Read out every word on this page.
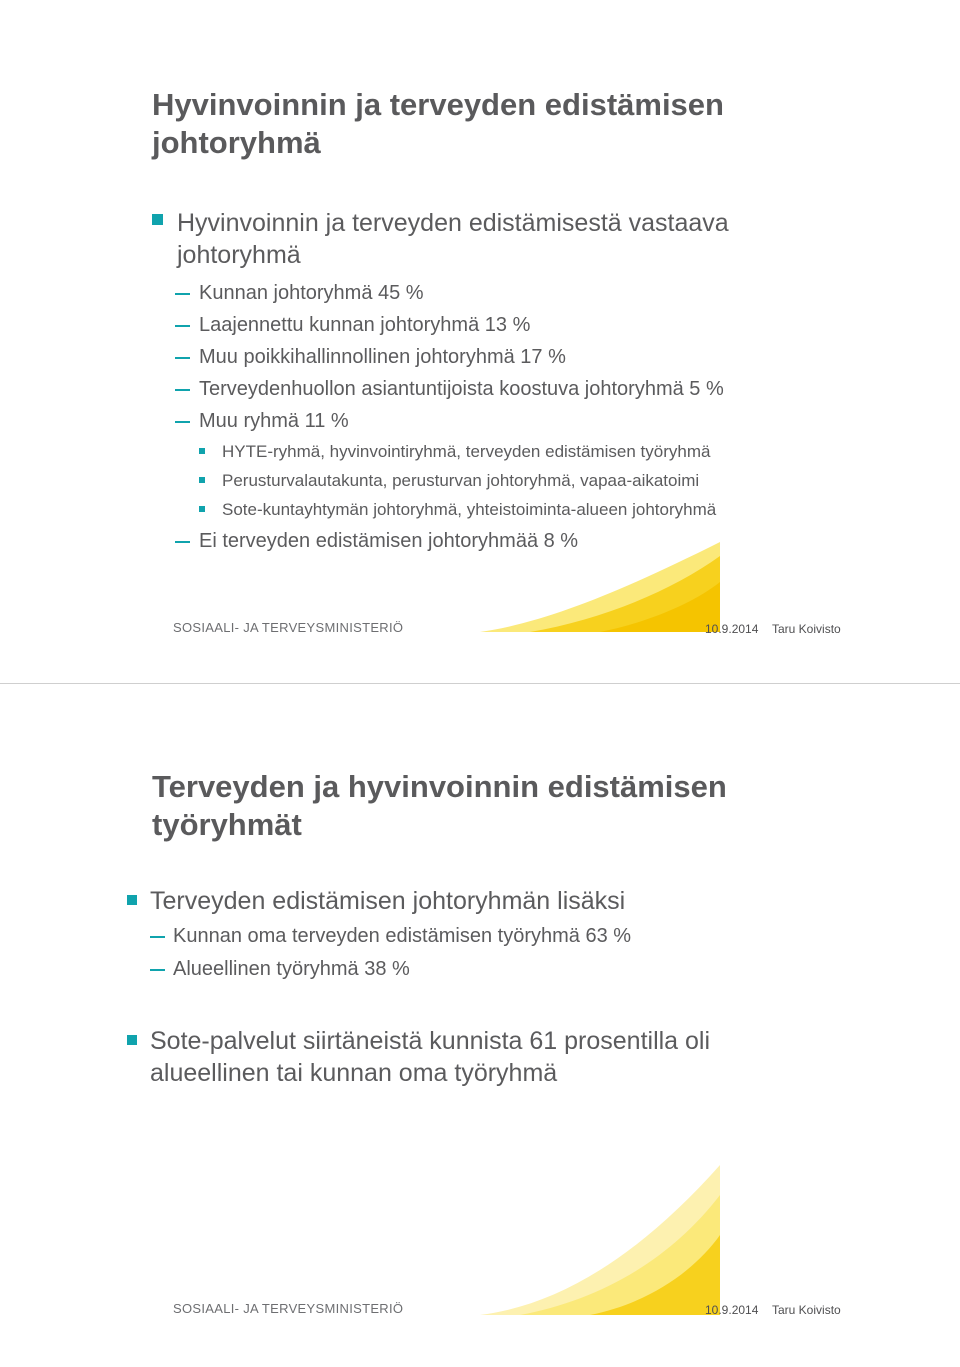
Hyvinvoinnin ja terveyden edistämisen
johtoryhmä
Hyvinvoinnin ja terveyden edistämisestä vastaava
johtoryhmä
Kunnan johtoryhmä 45 %
Laajennettu kunnan johtoryhmä 13 %
Muu poikkihallinnollinen johtoryhmä 17 %
Terveydenhuollon asiantuntijoista koostuva johtoryhmä 5 %
Muu ryhmä 11 %
HYTE-ryhmä, hyvinvointiryhmä, terveyden edistämisen työryhmä
Perusturvalautakunta, perusturvan johtoryhmä, vapaa-aikatoimi
Sote-kuntayhtymän johtoryhmä, yhteistoiminta-alueen johtoryhmä
Ei terveyden edistämisen johtoryhmää 8 %
SOSIAALI- JA TERVEYSMINISTERIÖ	10.9.2014 Taru Koivisto
Terveyden ja hyvinvoinnin edistämisen
työryhmät
Terveyden edistämisen johtoryhmän lisäksi
Kunnan oma terveyden edistämisen työryhmä 63 %
Alueellinen työryhmä 38 %
Sote-palvelut siirtäneistä kunnista 61 prosentilla oli
alueellinen tai kunnan oma työryhmä
SOSIAALI- JA TERVEYSMINISTERIÖ	10.9.2014 Taru Koivisto
